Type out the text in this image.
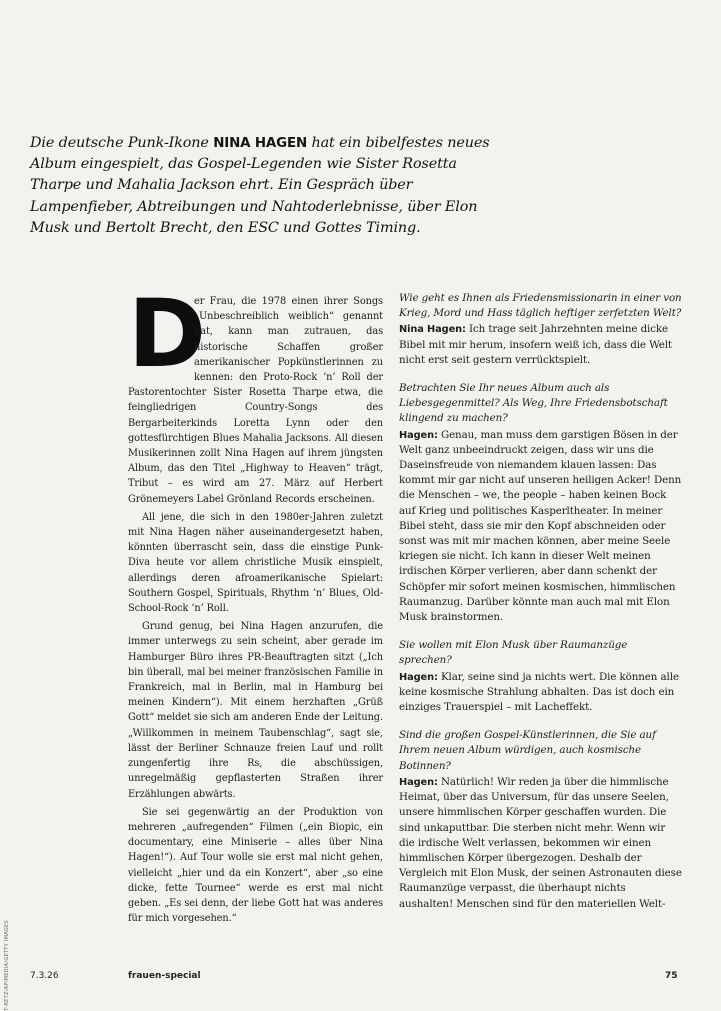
Die deutsche Punk-Ikone NINA HAGEN hat ein bibelfestes neues Album eingespielt, das Gospel-Legenden wie Sister Rosetta Tharpe und Mahalia Jackson ehrt. Ein Gespräch über Lampenfieber, Abtreibungen und Nahtoderlebnisse, über Elon Musk und Bertolt Brecht, den ESC und Gottes Timing.
D

er Frau, die 1978 einen ihrer Songs „Unbeschreiblich weiblich“ genannt hat, kann man zutrauen, das historische Schaffen großer amerikanischer Popkünstlerinnen zu kennen: den Proto-Rock ’n’ Roll der Pastorentochter Sister Rosetta Tharpe etwa, die feingliedrigen Country-Songs des Bergarbeiterkinds Loretta Lynn oder den gottesfürchtigen Blues Mahalia Jacksons. All diesen Musikerinnen zollt Nina Hagen auf ihrem jüngsten Album, das den Titel „Highway to Heaven“ trägt, Tribut – es wird am 27. März auf Herbert Grönemeyers Label Grönland Records erscheinen.

All jene, die sich in den 1980er-Jahren zuletzt mit Nina Hagen näher auseinandergesetzt haben, könnten überrascht sein, dass die einstige Punk-Diva heute vor allem christliche Musik einspielt, allerdings deren afroamerikanische Spielart: Southern Gospel, Spirituals, Rhythm ’n’ Blues, Old-School-Rock ’n’ Roll.

Grund genug, bei Nina Hagen anzurufen, die immer unterwegs zu sein scheint, aber gerade im Hamburger Büro ihres PR-Beauftragten sitzt („Ich bin überall, mal bei meiner französischen Familie in Frankreich, mal in Berlin, mal in Hamburg bei meinen Kindern“). Mit einem herzhaften „Grüß Gott“ meldet sie sich am anderen Ende der Leitung. „Willkommen in meinem Taubenschlag“, sagt sie, lässt der Berliner Schnauze freien Lauf und rollt zungenfertig ihre Rs, die abschüssigen, unregelmäßig gepflasterten Straßen ihrer Erzählungen abwärts.

Sie sei gegenwärtig an der Produktion von mehreren „aufregenden“ Filmen („ein Biopic, ein documentary, eine Miniserie – alles über Nina Hagen!“). Auf Tour wolle sie erst mal nicht gehen, vielleicht „hier und da ein Konzert“, aber „so eine dicke, fette Tournee“ werde es erst mal nicht geben. „Es sei denn, der liebe Gott hat was anderes für mich vorgesehen.“

Wie geht es Ihnen als Friedensmissionarin in einer von Krieg, Mord und Hass täglich heftiger zerfetzten Welt?

Nina Hagen: Ich trage seit Jahrzehnten meine dicke Bibel mit mir herum, insofern weiß ich, dass die Welt nicht erst seit gestern verrücktspielt.

Betrachten Sie Ihr neues Album auch als Liebesgegenmittel? Als Weg, Ihre Friedensbotschaft klingend zu machen?

Hagen: Genau, man muss dem garstigen Bösen in der Welt ganz unbeeindruckt zeigen, dass wir uns die Daseinsfreude von niemandem klauen lassen: Das kommt mir gar nicht auf unseren heiligen Acker! Denn die Menschen – we, the people – haben keinen Bock auf Krieg und politisches Kasperltheater. In meiner Bibel steht, dass sie mir den Kopf abschneiden oder sonst was mit mir machen können, aber meine Seele kriegen sie nicht. Ich kann in dieser Welt meinen irdischen Körper verlieren, aber dann schenkt der Schöpfer mir sofort meinen kosmischen, himmlischen Raumanzug. Darüber könnte man auch mal mit Elon Musk brainstormen.

Sie wollen mit Elon Musk über Raumanzüge sprechen?

Hagen: Klar, seine sind ja nichts wert. Die können alle keine kosmische Strahlung abhalten. Das ist doch ein einziges Trauerspiel – mit Lacheffekt.

Sind die großen Gospel-Künstlerinnen, die Sie auf Ihrem neuen Album würdigen, auch kosmische Botinnen?

Hagen: Natürlich! Wir reden ja über die himmlische Heimat, über das Universum, für das unsere Seelen, unsere himmlischen Körper geschaffen wurden. Die sind unkaputtbar. Die sterben nicht mehr. Wenn wir die irdische Welt verlassen, bekommen wir einen himmlischen Körper übergezogen. Deshalb der Vergleich mit Elon Musk, der seinen Astronauten diese Raumanzüge verpasst, die überhaupt nichts aushalten! Menschen sind für den materiellen Welt-

T-RETZ/AP/MEDIA/GETTY IMAGES	7.3.26	frauen-special	75
